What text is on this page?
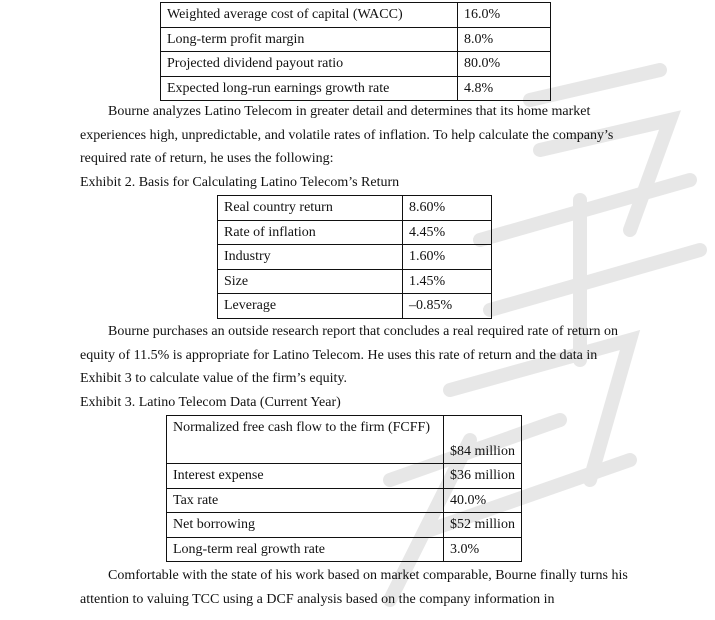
Weighted average cost of capital (WACC)	16.0%
Long-term profit margin	8.0%
Projected dividend payout ratio	80.0%
Expected long-run earnings growth rate	4.8%

Bourne analyzes Latino Telecom in greater detail and determines that its home market experiences high, unpredictable, and volatile rates of inflation. To help calculate the company’s required rate of return, he uses the following:

Exhibit 2. Basis for Calculating Latino Telecom’s Return

Real country return	8.60%
Rate of inflation	4.45%
Industry	1.60%
Size	1.45%
Leverage	–0.85%

Bourne purchases an outside research report that concludes a real required rate of return on equity of 11.5% is appropriate for Latino Telecom. He uses this rate of return and the data in Exhibit 3 to calculate value of the firm’s equity.

Exhibit 3. Latino Telecom Data (Current Year)

Normalized free cash flow to the firm (FCFF)	$84 million
Interest expense	$36 million
Tax rate	40.0%
Net borrowing	$52 million
Long-term real growth rate	3.0%

Comfortable with the state of his work based on market comparable, Bourne finally turns his attention to valuing TCC using a DCF analysis based on the company information in
